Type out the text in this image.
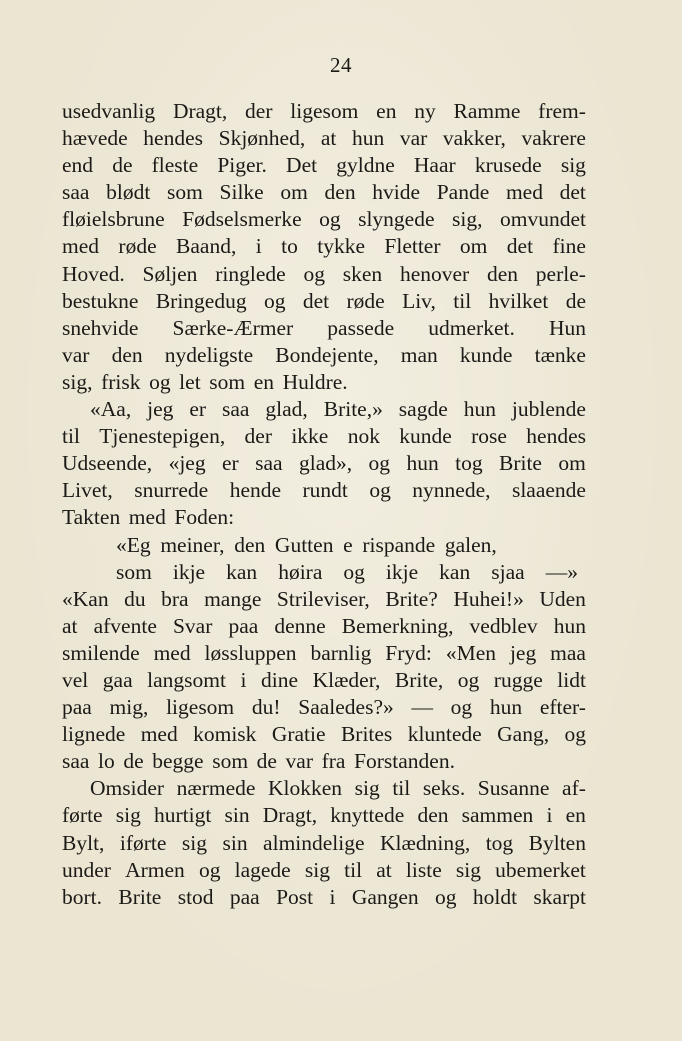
24
usedvanlig Dragt, der ligesom en ny Ramme frem-
hævede hendes Skjønhed, at hun var vakker, vakrere
end de fleste Piger. Det gyldne Haar krusede sig
saa blødt som Silke om den hvide Pande med det
fløielsbrune Fødselsmerke og slyngede sig, omvundet
med røde Baand, i to tykke Fletter om det fine
Hoved. Søljen ringlede og sken henover den perle-
bestukne Bringedug og det røde Liv, til hvilket de
snehvide Særke-Ærmer passede udmerket. Hun
var den nydeligste Bondejente, man kunde tænke
sig, frisk og let som en Huldre.
«Aa, jeg er saa glad, Brite,» sagde hun jublende
til Tjenestepigen, der ikke nok kunde rose hendes
Udseende, «jeg er saa glad», og hun tog Brite om
Livet, snurrede hende rundt og nynnede, slaaende
Takten med Foden:
«Eg meiner, den Gutten e rispande galen,
som ikje kan høira og ikje kan sjaa —»
«Kan du bra mange Strileviser, Brite? Huhei!» Uden
at afvente Svar paa denne Bemerkning, vedblev hun
smilende med løssluppen barnlig Fryd: «Men jeg maa
vel gaa langsomt i dine Klæder, Brite, og rugge lidt
paa mig, ligesom du! Saaledes?» — og hun efter-
lignede med komisk Gratie Brites kluntede Gang, og
saa lo de begge som de var fra Forstanden.
Omsider nærmede Klokken sig til seks. Susanne af-
førte sig hurtigt sin Dragt, knyttede den sammen i en
Bylt, iførte sig sin almindelige Klædning, tog Bylten
under Armen og lagede sig til at liste sig ubemerket
bort. Brite stod paa Post i Gangen og holdt skarpt
